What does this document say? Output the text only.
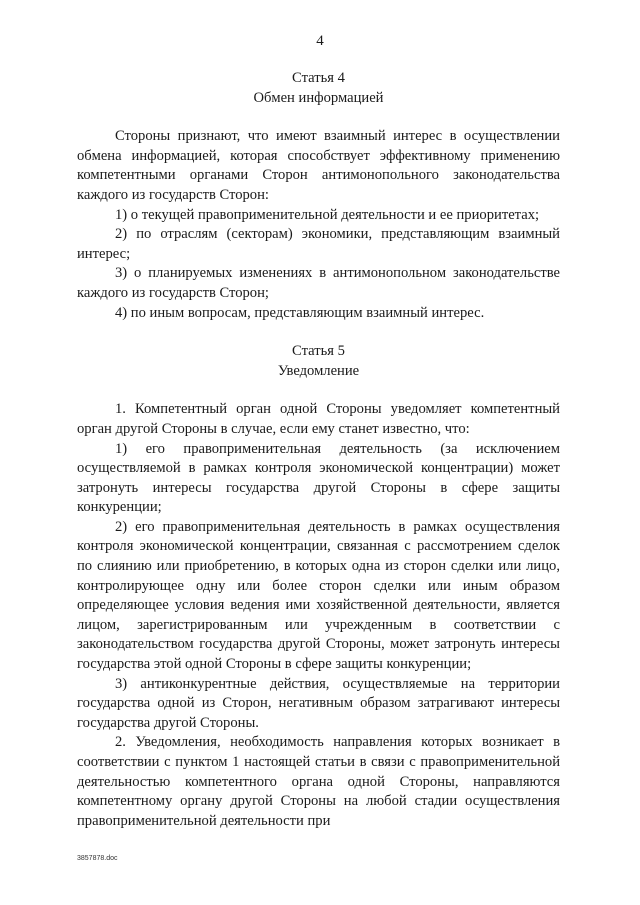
4
Статья 4
Обмен информацией

Стороны признают, что имеют взаимный интерес в осуществлении обмена информацией, которая способствует эффективному применению компетентными органами Сторон антимонопольного законодательства каждого из государств Сторон:

1) о текущей правоприменительной деятельности и ее приоритетах;

2) по отраслям (секторам) экономики, представляющим взаимный интерес;

3) о планируемых изменениях в антимонопольном законодательстве каждого из государств Сторон;

4) по иным вопросам, представляющим взаимный интерес.

Статья 5
Уведомление

1. Компетентный орган одной Стороны уведомляет компетентный орган другой Стороны в случае, если ему станет известно, что:

1) его правоприменительная деятельность (за исключением осуществляемой в рамках контроля экономической концентрации) может затронуть интересы государства другой Стороны в сфере защиты конкуренции;

2) его правоприменительная деятельность в рамках осуществления контроля экономической концентрации, связанная с рассмотрением сделок по слиянию или приобретению, в которых одна из сторон сделки или лицо, контролирующее одну или более сторон сделки или иным образом определяющее условия ведения ими хозяйственной деятельности, является лицом, зарегистрированным или учрежденным в соответствии с законодательством государства другой Стороны, может затронуть интересы государства этой одной Стороны в сфере защиты конкуренции;

3) антиконкурентные действия, осуществляемые на территории государства одной из Сторон, негативным образом затрагивают интересы государства другой Стороны.

2. Уведомления, необходимость направления которых возникает в соответствии с пунктом 1 настоящей статьи в связи с правоприменительной деятельностью компетентного органа одной Стороны, направляются компетентному органу другой Стороны на любой стадии осуществления правоприменительной деятельности при

3857878.doc
